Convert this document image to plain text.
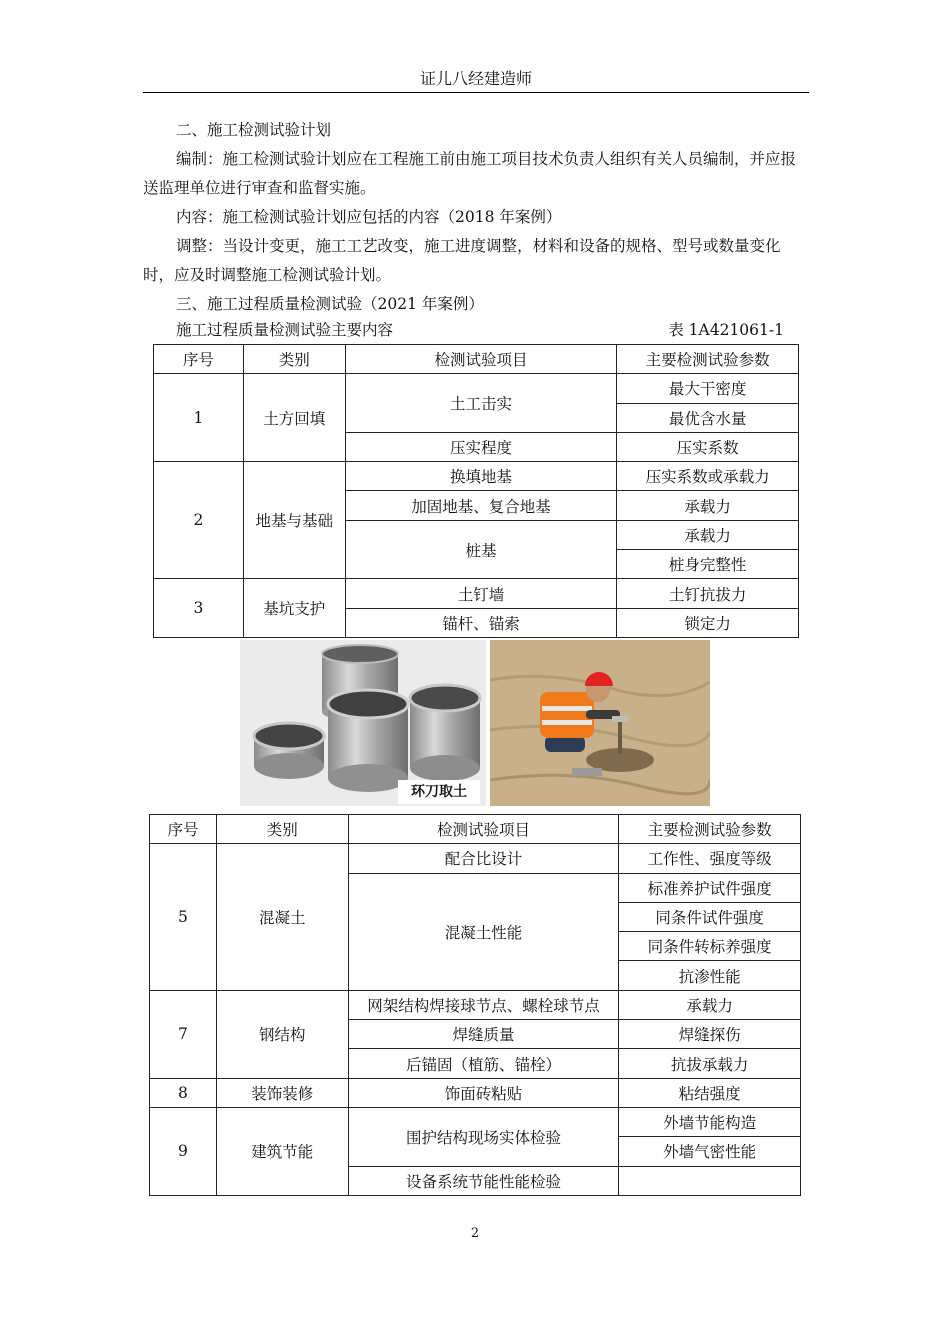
证儿八经建造师
二、施工检测试验计划
编制：施工检测试验计划应在工程施工前由施工项目技术负责人组织有关人员编制，并应报送监理单位进行审查和监督实施。
内容：施工检测试验计划应包括的内容（2018 年案例）
调整：当设计变更，施工工艺改变，施工进度调整，材料和设备的规格、型号或数量变化时，应及时调整施工检测试验计划。
三、施工过程质量检测试验（2021 年案例）
施工过程质量检测试验主要内容	表 1A421061-1
序号	类别	检测试验项目	主要检测试验参数
1	土方回填	土工击实	最大干密度
			最优含水量
		压实程度	压实系数
2	地基与基础	换填地基	压实系数或承载力
		加固地基、复合地基	承载力
		桩基	承载力
			桩身完整性
3	基坑支护	土钉墙	土钉抗拔力
		锚杆、锚索	锁定力
环刀取土
序号	类别	检测试验项目	主要检测试验参数
5	混凝土	配合比设计	工作性、强度等级
		混凝土性能	标准养护试件强度
			同条件试件强度
			同条件转标养强度
			抗渗性能
7	钢结构	网架结构焊接球节点、螺栓球节点	承载力
		焊缝质量	焊缝探伤
		后锚固（植筋、锚栓）	抗拔承载力
8	装饰装修	饰面砖粘贴	粘结强度
9	建筑节能	围护结构现场实体检验	外墙节能构造
			外墙气密性能
		设备系统节能性能检验	
2
